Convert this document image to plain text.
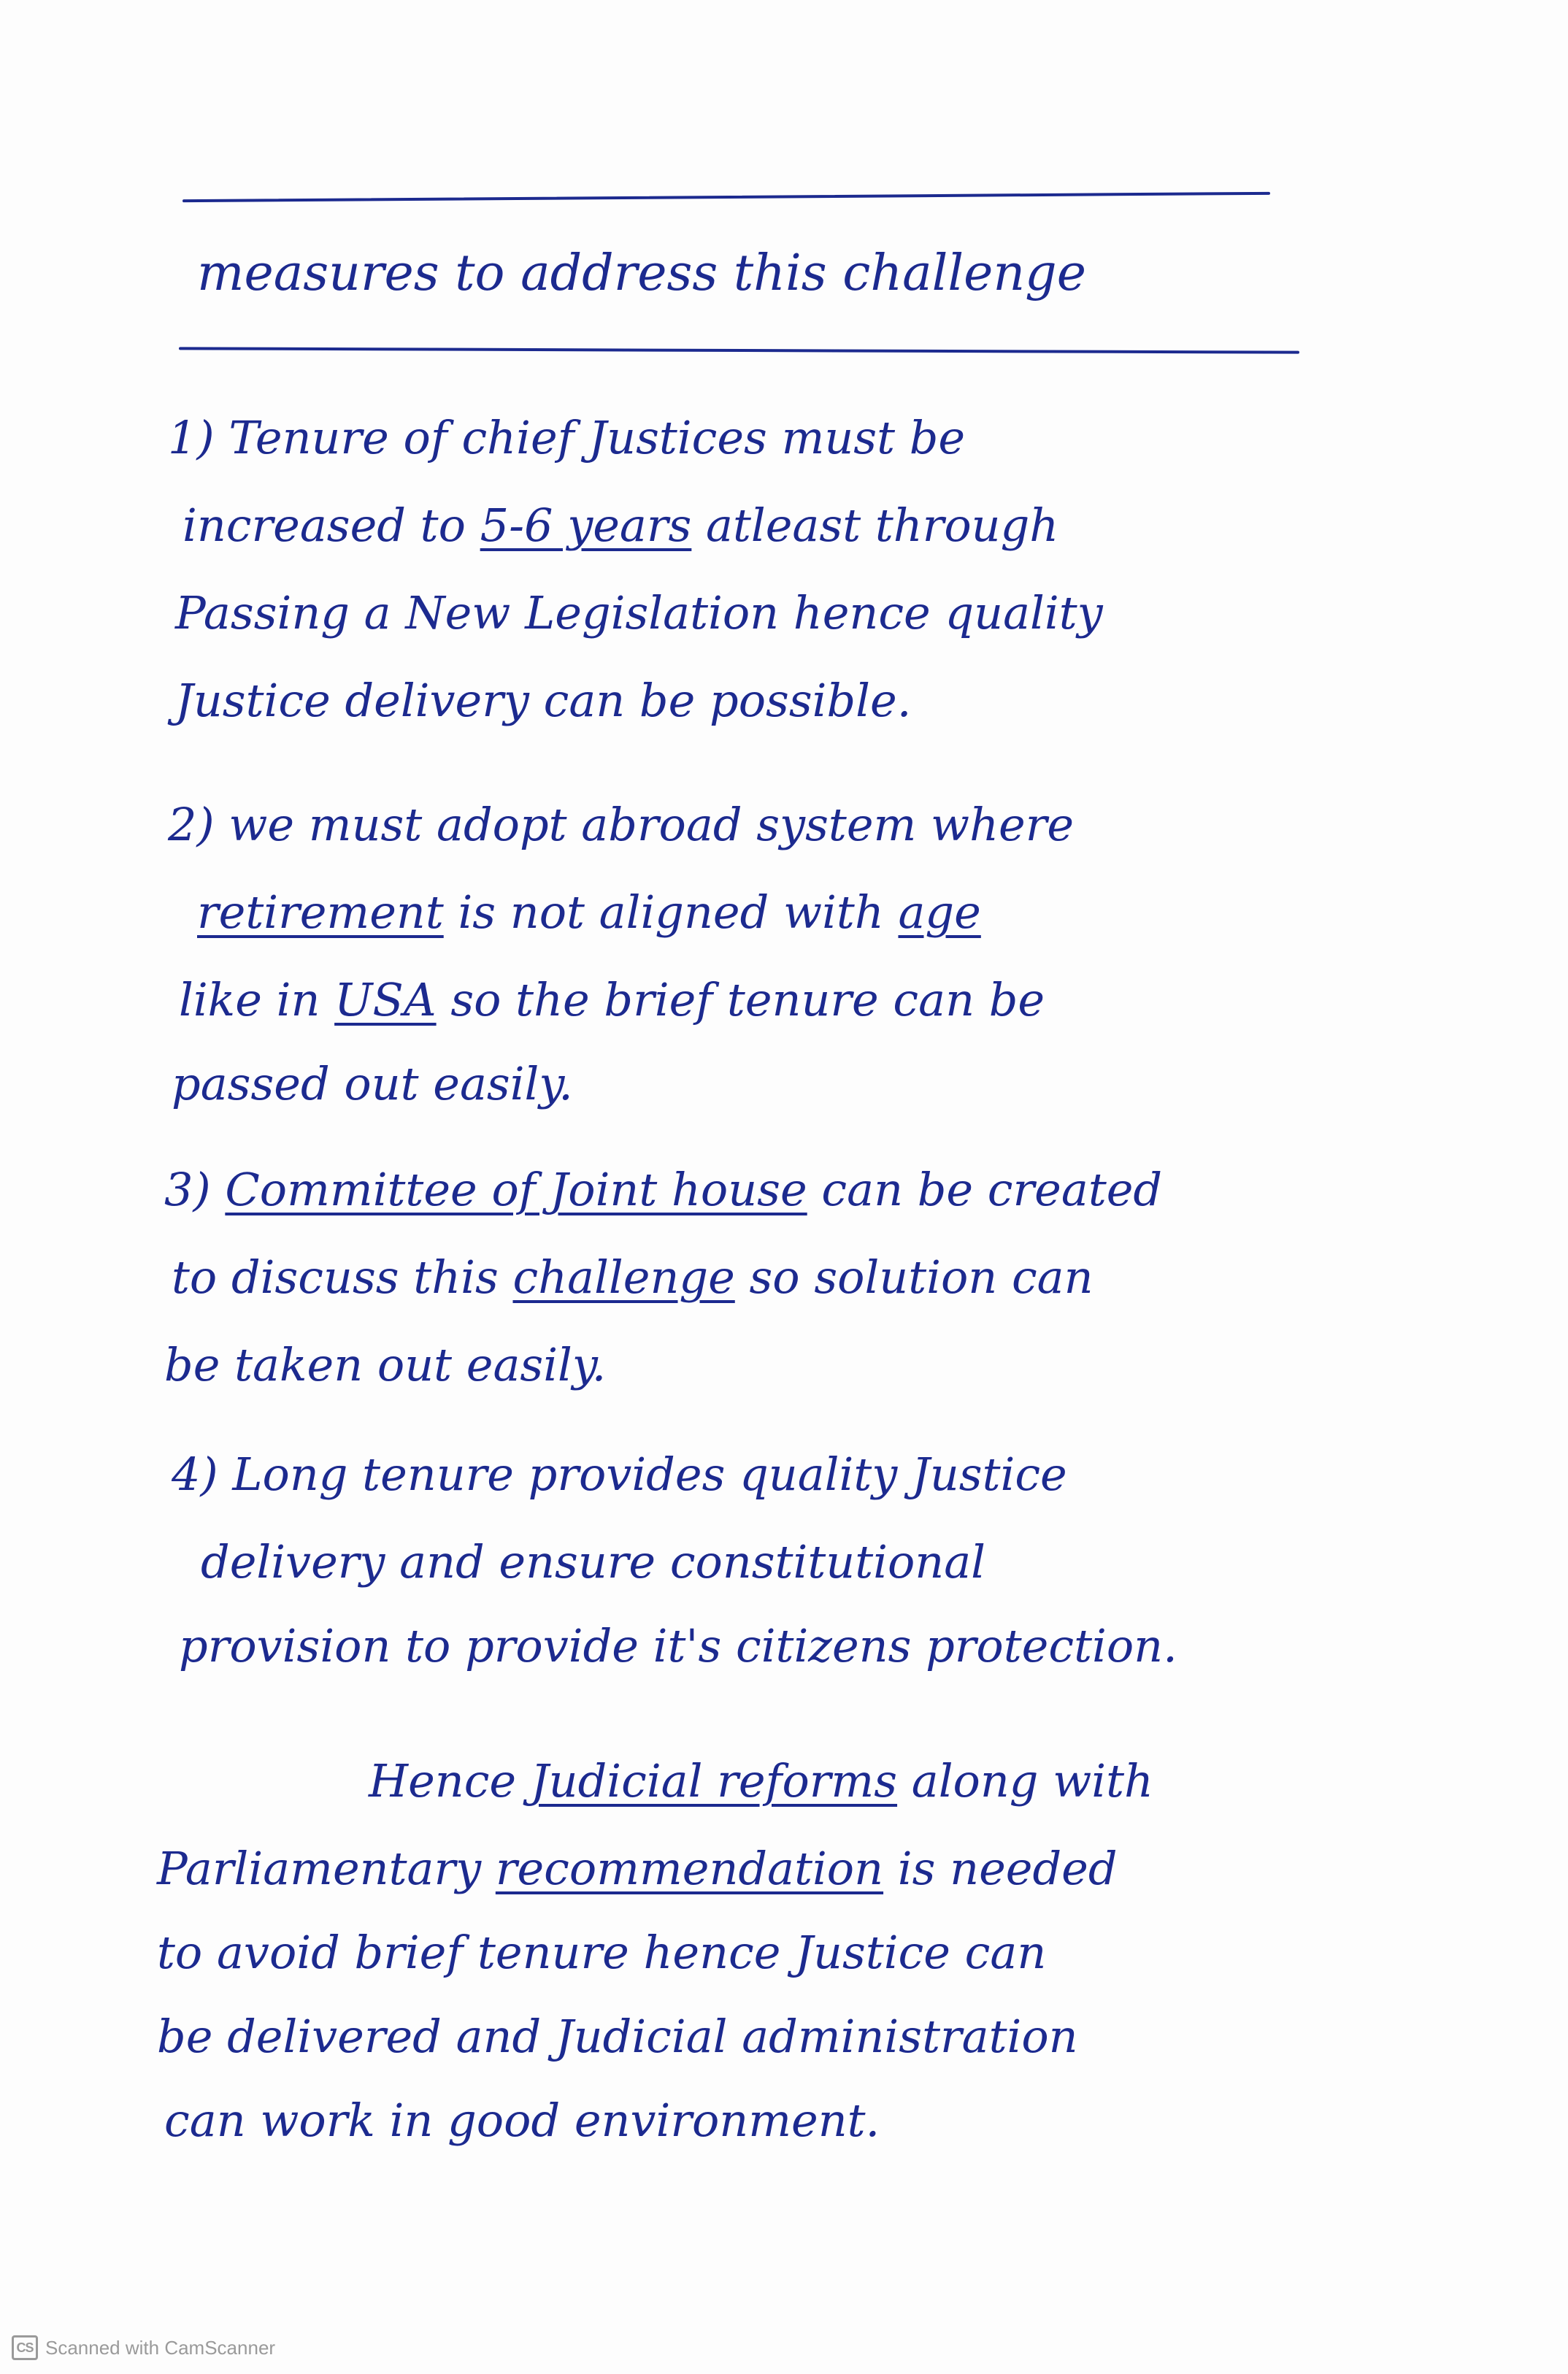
measures to address this challenge
1) Tenure of chief Justices must be
increased to 5-6 years atleast through
Passing a New Legislation hence quality
Justice delivery can be possible.
2) we must adopt abroad system where
retirement is not aligned with age
like in USA so the brief tenure can be
passed out easily.
3) Committee of Joint house can be created
to discuss this challenge so solution can
be taken out easily.
4) Long tenure provides quality Justice
delivery and ensure constitutional
provision to provide it's citizens protection.
Hence Judicial reforms along with
Parliamentary recommendation is needed
to avoid brief tenure hence Justice can
be delivered and Judicial administration
can work in good environment.
CS Scanned with CamScanner
